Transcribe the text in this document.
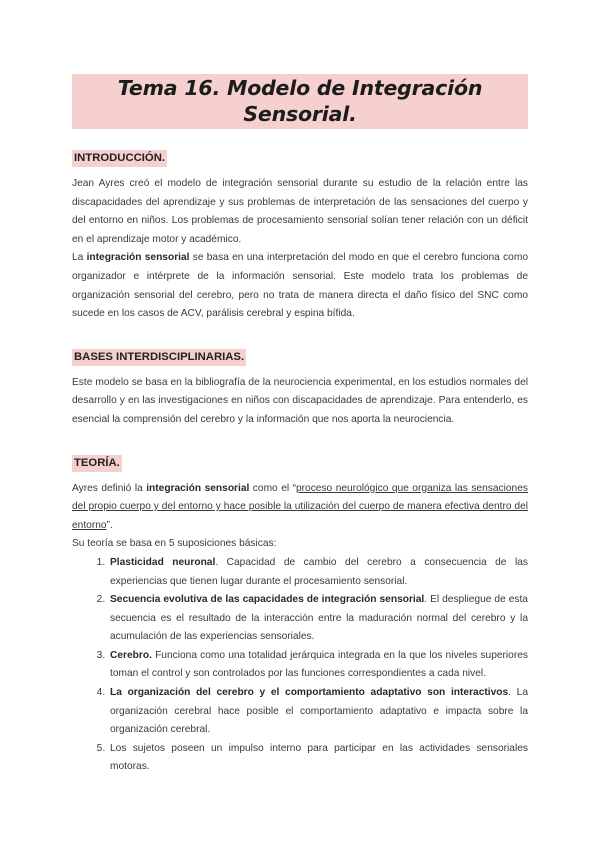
Tema 16. Modelo de Integración Sensorial.
INTRODUCCIÓN.

Jean Ayres creó el modelo de integración sensorial durante su estudio de la relación entre las discapacidades del aprendizaje y sus problemas de interpretación de las sensaciones del cuerpo y del entorno en niños. Los problemas de procesamiento sensorial solían tener relación con un déficit en el aprendizaje motor y académico.

La integración sensorial se basa en una interpretación del modo en que el cerebro funciona como organizador e intérprete de la información sensorial. Este modelo trata los problemas de organización sensorial del cerebro, pero no trata de manera directa el daño físico del SNC como sucede en los casos de ACV, parálisis cerebral y espina bífida.

BASES INTERDISCIPLINARIAS.

Este modelo se basa en la bibliografía de la neurociencia experimental, en los estudios normales del desarrollo y en las investigaciones en niños con discapacidades de aprendizaje. Para entenderlo, es esencial la comprensión del cerebro y la información que nos aporta la neurociencia.

TEORÍA.

Ayres definió la integración sensorial como el “proceso neurológico que organiza las sensaciones del propio cuerpo y del entorno y hace posible la utilización del cuerpo de manera efectiva dentro del entorno”.

Su teoría se basa en 5 suposiciones básicas:

1. Plasticidad neuronal. Capacidad de cambio del cerebro a consecuencia de las experiencias que tienen lugar durante el procesamiento sensorial.
2. Secuencia evolutiva de las capacidades de integración sensorial. El despliegue de esta secuencia es el resultado de la interacción entre la maduración normal del cerebro y la acumulación de las experiencias sensoriales.
3. Cerebro. Funciona como una totalidad jerárquica integrada en la que los niveles superiores toman el control y son controlados por las funciones correspondientes a cada nivel.
4. La organización del cerebro y el comportamiento adaptativo son interactivos. La organización cerebral hace posible el comportamiento adaptativo e impacta sobre la organización cerebral.
5. Los sujetos poseen un impulso interno para participar en las actividades sensoriales motoras.
